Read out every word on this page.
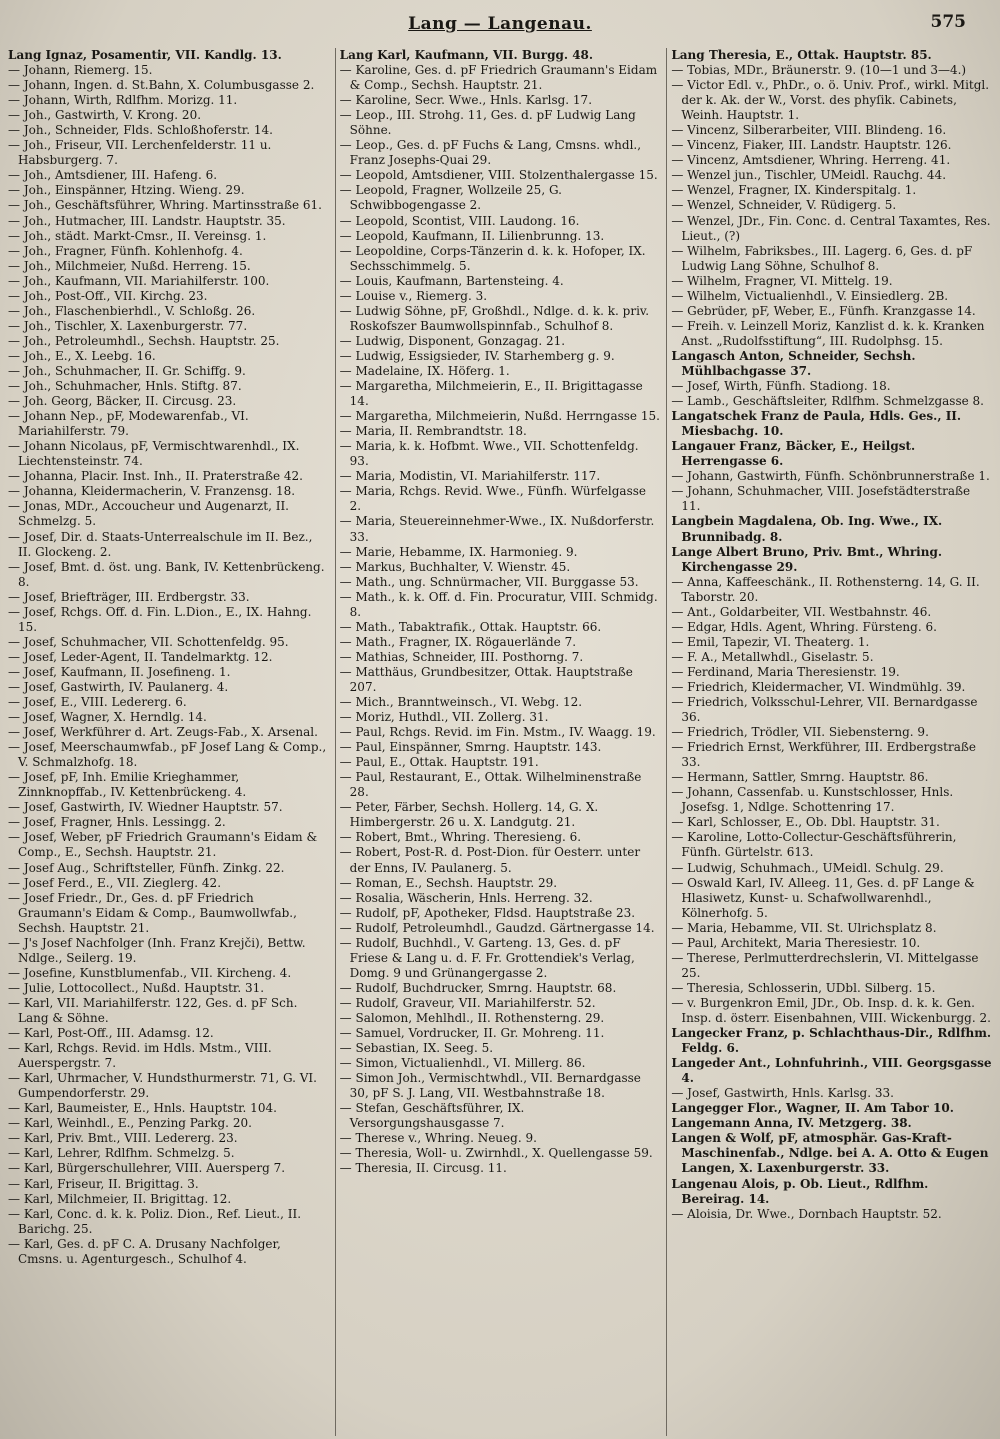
Lang — Langenau.	575
Lang Ignaz, Posamentir, VII. Kandlg. 13.
— Johann, Riemerg. 15.
— Johann, Ingen. d. St.Bahn, X. Columbusgasse 2.
— Johann, Wirth, Rdlfhm. Morizg. 11.
— Joh., Gastwirth, V. Krong. 20.
— Joh., Schneider, Flds. Schloßhoferstr. 14.
— Joh., Friseur, VII. Lerchenfelderstr. 11 u. Habsburgerg. 7.
— Joh., Amtsdiener, III. Hafeng. 6.
— Joh., Einspänner, Htzing. Wieng. 29.
— Joh., Geschäftsführer, Whring. Martinsstraße 61.
— Joh., Hutmacher, III. Landstr. Hauptstr. 35.
— Joh., städt. Markt-Cmsr., II. Vereinsg. 1.
— Joh., Fragner, Fünfh. Kohlenhofg. 4.
— Joh., Milchmeier, Nußd. Herreng. 15.
— Joh., Kaufmann, VII. Mariahilferstr. 100.
— Joh., Post-Off., VII. Kirchg. 23.
— Joh., Flaschenbierhdl., V. Schloßg. 26.
— Joh., Tischler, X. Laxenburgerstr. 77.
— Joh., Petroleumhdl., Sechsh. Hauptstr. 25.
— Joh., E., X. Leebg. 16.
— Joh., Schuhmacher, II. Gr. Schiffg. 9.
— Joh., Schuhmacher, Hnls. Stiftg. 87.
— Joh. Georg, Bäcker, II. Circusg. 23.
— Johann Nep., pF, Modewarenfab., VI. Mariahilferstr. 79.
— Johann Nicolaus, pF, Vermischtwarenhdl., IX. Liechtensteinstr. 74.
— Johanna, Placir. Inst. Inh., II. Praterstraße 42.
— Johanna, Kleidermacherin, V. Franzensg. 18.
— Jonas, MDr., Accoucheur und Augenarzt, II. Schmelzg. 5.
— Josef, Dir. d. Staats-Unterrealschule im II. Bez., II. Glockeng. 2.
— Josef, Bmt. d. öst. ung. Bank, IV. Kettenbrückeng. 8.
— Josef, Briefträger, III. Erdbergstr. 33.
— Josef, Rchgs. Off. d. Fin. L.Dion., E., IX. Hahng. 15.
— Josef, Schuhmacher, VII. Schottenfeldg. 95.
— Josef, Leder-Agent, II. Tandelmarktg. 12.
— Josef, Kaufmann, II. Josefineng. 1.
— Josef, Gastwirth, IV. Paulanerg. 4.
— Josef, E., VIII. Ledererg. 6.
— Josef, Wagner, X. Herndlg. 14.
— Josef, Werkführer d. Art. Zeugs-Fab., X. Arsenal.
— Josef, Meerschaumwfab., pF Josef Lang & Comp., V. Schmalzhofg. 18.
— Josef, pF, Inh. Emilie Krieghammer, Zinnknopffab., IV. Kettenbrückeng. 4.
— Josef, Gastwirth, IV. Wiedner Hauptstr. 57.
— Josef, Fragner, Hnls. Lessingg. 2.
— Josef, Weber, pF Friedrich Graumann's Eidam & Comp., E., Sechsh. Hauptstr. 21.
— Josef Aug., Schriftsteller, Fünfh. Zinkg. 22.
— Josef Ferd., E., VII. Zieglerg. 42.
— Josef Friedr., Dr., Ges. d. pF Friedrich Graumann's Eidam & Comp., Baumwollwfab., Sechsh. Hauptstr. 21.
— J's Josef Nachfolger (Inh. Franz Krejči), Bettw. Ndlge., Seilerg. 19.
— Josefine, Kunstblumenfab., VII. Kircheng. 4.
— Julie, Lottocollect., Nußd. Hauptstr. 31.
— Karl, VII. Mariahilferstr. 122, Ges. d. pF Sch. Lang & Söhne.
— Karl, Post-Off., III. Adamsg. 12.
— Karl, Rchgs. Revid. im Hdls. Mstm., VIII. Auerspergstr. 7.
— Karl, Uhrmacher, V. Hundsthurmerstr. 71, G. VI. Gumpendorferstr. 29.
— Karl, Baumeister, E., Hnls. Hauptstr. 104.
— Karl, Weinhdl., E., Penzing Parkg. 20.
— Karl, Priv. Bmt., VIII. Ledererg. 23.
— Karl, Lehrer, Rdlfhm. Schmelzg. 5.
— Karl, Bürgerschullehrer, VIII. Auersperg 7.
— Karl, Friseur, II. Brigittag. 3.
— Karl, Milchmeier, II. Brigittag. 12.
— Karl, Conc. d. k. k. Poliz. Dion., Ref. Lieut., II. Barichg. 25.
— Karl, Ges. d. pF C. A. Drusany Nachfolger, Cmsns. u. Agenturgesch., Schulhof 4.
Lang Karl, Kaufmann, VII. Burgg. 48.
— Karoline, Ges. d. pF Friedrich Graumann's Eidam & Comp., Sechsh. Hauptstr. 21.
— Karoline, Secr. Wwe., Hnls. Karlsg. 17.
— Leop., III. Strohg. 11, Ges. d. pF Ludwig Lang Söhne.
— Leop., Ges. d. pF Fuchs & Lang, Cmsns. whdl., Franz Josephs-Quai 29.
— Leopold, Amtsdiener, VIII. Stolzenthalergasse 15.
— Leopold, Fragner, Wollzeile 25, G. Schwibbogengasse 2.
— Leopold, Scontist, VIII. Laudong. 16.
— Leopold, Kaufmann, II. Lilienbrunng. 13.
— Leopoldine, Corps-Tänzerin d. k. k. Hofoper, IX. Sechsschimmelg. 5.
— Louis, Kaufmann, Bartensteing. 4.
— Louise v., Riemerg. 3.
— Ludwig Söhne, pF, Großhdl., Ndlge. d. k. k. priv. Roskofszer Baumwollspinnfab., Schulhof 8.
— Ludwig, Disponent, Gonzagag. 21.
— Ludwig, Essigsieder, IV. Starhemberg g. 9.
— Madelaine, IX. Höferg. 1.
— Margaretha, Milchmeierin, E., II. Brigittagasse 14.
— Margaretha, Milchmeierin, Nußd. Herrngasse 15.
— Maria, II. Rembrandtstr. 18.
— Maria, k. k. Hofbmt. Wwe., VII. Schottenfeldg. 93.
— Maria, Modistin, VI. Mariahilferstr. 117.
— Maria, Rchgs. Revid. Wwe., Fünfh. Würfelgasse 2.
— Maria, Steuereinnehmer-Wwe., IX. Nußdorferstr. 33.
— Marie, Hebamme, IX. Harmonieg. 9.
— Markus, Buchhalter, V. Wienstr. 45.
— Math., ung. Schnürmacher, VII. Burggasse 53.
— Math., k. k. Off. d. Fin. Procuratur, VIII. Schmidg. 8.
— Math., Tabaktrafik., Ottak. Hauptstr. 66.
— Math., Fragner, IX. Rögauerlände 7.
— Mathias, Schneider, III. Posthorng. 7.
— Matthäus, Grundbesitzer, Ottak. Hauptstraße 207.
— Mich., Branntweinsch., VI. Webg. 12.
— Moriz, Huthdl., VII. Zollerg. 31.
— Paul, Rchgs. Revid. im Fin. Mstm., IV. Waagg. 19.
— Paul, Einspänner, Smrng. Hauptstr. 143.
— Paul, E., Ottak. Hauptstr. 191.
— Paul, Restaurant, E., Ottak. Wilhelminenstraße 28.
— Peter, Färber, Sechsh. Hollerg. 14, G. X. Himbergerstr. 26 u. X. Landgutg. 21.
— Robert, Bmt., Whring. Theresieng. 6.
— Robert, Post-R. d. Post-Dion. für Oesterr. unter der Enns, IV. Paulanerg. 5.
— Roman, E., Sechsh. Hauptstr. 29.
— Rosalia, Wäscherin, Hnls. Herreng. 32.
— Rudolf, pF, Apotheker, Fldsd. Hauptstraße 23.
— Rudolf, Petroleumhdl., Gaudzd. Gärtnergasse 14.
— Rudolf, Buchhdl., V. Garteng. 13, Ges. d. pF Friese & Lang u. d. F. Fr. Grottendiek's Verlag, Domg. 9 und Grünangergasse 2.
— Rudolf, Buchdrucker, Smrng. Hauptstr. 68.
— Rudolf, Graveur, VII. Mariahilferstr. 52.
— Salomon, Mehlhdl., II. Rothensterng. 29.
— Samuel, Vordrucker, II. Gr. Mohreng. 11.
— Sebastian, IX. Seeg. 5.
— Simon, Victualienhdl., VI. Millerg. 86.
— Simon Joh., Vermischtwhdl., VII. Bernardgasse 30, pF S. J. Lang, VII. Westbahnstraße 18.
— Stefan, Geschäftsführer, IX. Versorgungshausgasse 7.
— Therese v., Whring. Neueg. 9.
— Theresia, Woll- u. Zwirnhdl., X. Quellengasse 59.
— Theresia, II. Circusg. 11.
Lang Theresia, E., Ottak. Hauptstr. 85.
— Tobias, MDr., Bräunerstr. 9. (10—1 und 3—4.)
— Victor Edl. v., PhDr., o. ö. Univ. Prof., wirkl. Mitgl. der k. Ak. der W., Vorst. des phyſik. Cabinets, Weinh. Hauptstr. 1.
— Vincenz, Silberarbeiter, VIII. Blindeng. 16.
— Vincenz, Fiaker, III. Landstr. Hauptstr. 126.
— Vincenz, Amtsdiener, Whring. Herreng. 41.
— Wenzel jun., Tischler, UMeidl. Rauchg. 44.
— Wenzel, Fragner, IX. Kinderspitalg. 1.
— Wenzel, Schneider, V. Rüdigerg. 5.
— Wenzel, JDr., Fin. Conc. d. Central Taxamtes, Res. Lieut., (?)
— Wilhelm, Fabriksbes., III. Lagerg. 6, Ges. d. pF Ludwig Lang Söhne, Schulhof 8.
— Wilhelm, Fragner, VI. Mittelg. 19.
— Wilhelm, Victualienhdl., V. Einsiedlerg. 2B.
— Gebrüder, pF, Weber, E., Fünfh. Kranzgasse 14.
— Freih. v. Leinzell Moriz, Kanzlist d. k. k. Kranken Anst. „Rudolfsstiftung“, III. Rudolphsg. 15.
Langasch Anton, Schneider, Sechsh. Mühlbachgasse 37.
— Josef, Wirth, Fünfh. Stadiong. 18.
— Lamb., Geschäftsleiter, Rdlfhm. Schmelzgasse 8.
Langatschek Franz de Paula, Hdls. Ges., II. Miesbachg. 10.
Langauer Franz, Bäcker, E., Heilgst. Herrengasse 6.
— Johann, Gastwirth, Fünfh. Schönbrunnerstraße 1.
— Johann, Schuhmacher, VIII. Josefstädterstraße 11.
Langbein Magdalena, Ob. Ing. Wwe., IX. Brunnibadg. 8.
Lange Albert Bruno, Priv. Bmt., Whring. Kirchengasse 29.
— Anna, Kaffeeschänk., II. Rothensterng. 14, G. II. Taborstr. 20.
— Ant., Goldarbeiter, VII. Westbahnstr. 46.
— Edgar, Hdls. Agent, Whring. Fürsteng. 6.
— Emil, Tapezir, VI. Theaterg. 1.
— F. A., Metallwhdl., Giselastr. 5.
— Ferdinand, Maria Theresienstr. 19.
— Friedrich, Kleidermacher, VI. Windmühlg. 39.
— Friedrich, Volksschul-Lehrer, VII. Bernardgasse 36.
— Friedrich, Trödler, VII. Siebensterng. 9.
— Friedrich Ernst, Werkführer, III. Erdbergstraße 33.
— Hermann, Sattler, Smrng. Hauptstr. 86.
— Johann, Cassenfab. u. Kunstschlosser, Hnls. Josefsg. 1, Ndlge. Schottenring 17.
— Karl, Schlosser, E., Ob. Dbl. Hauptstr. 31.
— Karoline, Lotto-Collectur-Geschäftsführerin, Fünfh. Gürtelstr. 613.
— Ludwig, Schuhmach., UMeidl. Schulg. 29.
— Oswald Karl, IV. Alleeg. 11, Ges. d. pF Lange & Hlasiwetz, Kunst- u. Schafwollwarenhdl., Kölnerhofg. 5.
— Maria, Hebamme, VII. St. Ulrichsplatz 8.
— Paul, Architekt, Maria Theresiestr. 10.
— Therese, Perlmutterdrechslerin, VI. Mittelgasse 25.
— Theresia, Schlosserin, UDbl. Silberg. 15.
— v. Burgenkron Emil, JDr., Ob. Insp. d. k. k. Gen. Insp. d. österr. Eisenbahnen, VIII. Wickenburgg. 2.
Langecker Franz, p. Schlachthaus-Dir., Rdlfhm. Feldg. 6.
Langeder Ant., Lohnfuhrinh., VIII. Georgsgasse 4.
— Josef, Gastwirth, Hnls. Karlsg. 33.
Langegger Flor., Wagner, II. Am Tabor 10.
Langemann Anna, IV. Metzgerg. 38.
Langen & Wolf, pF, atmosphär. Gas-Kraft-Maschinenfab., Ndlge. bei A. A. Otto & Eugen Langen, X. Laxenburgerstr. 33.
Langenau Alois, p. Ob. Lieut., Rdlfhm. Bereirag. 14.
— Aloisia, Dr. Wwe., Dornbach Hauptstr. 52.
